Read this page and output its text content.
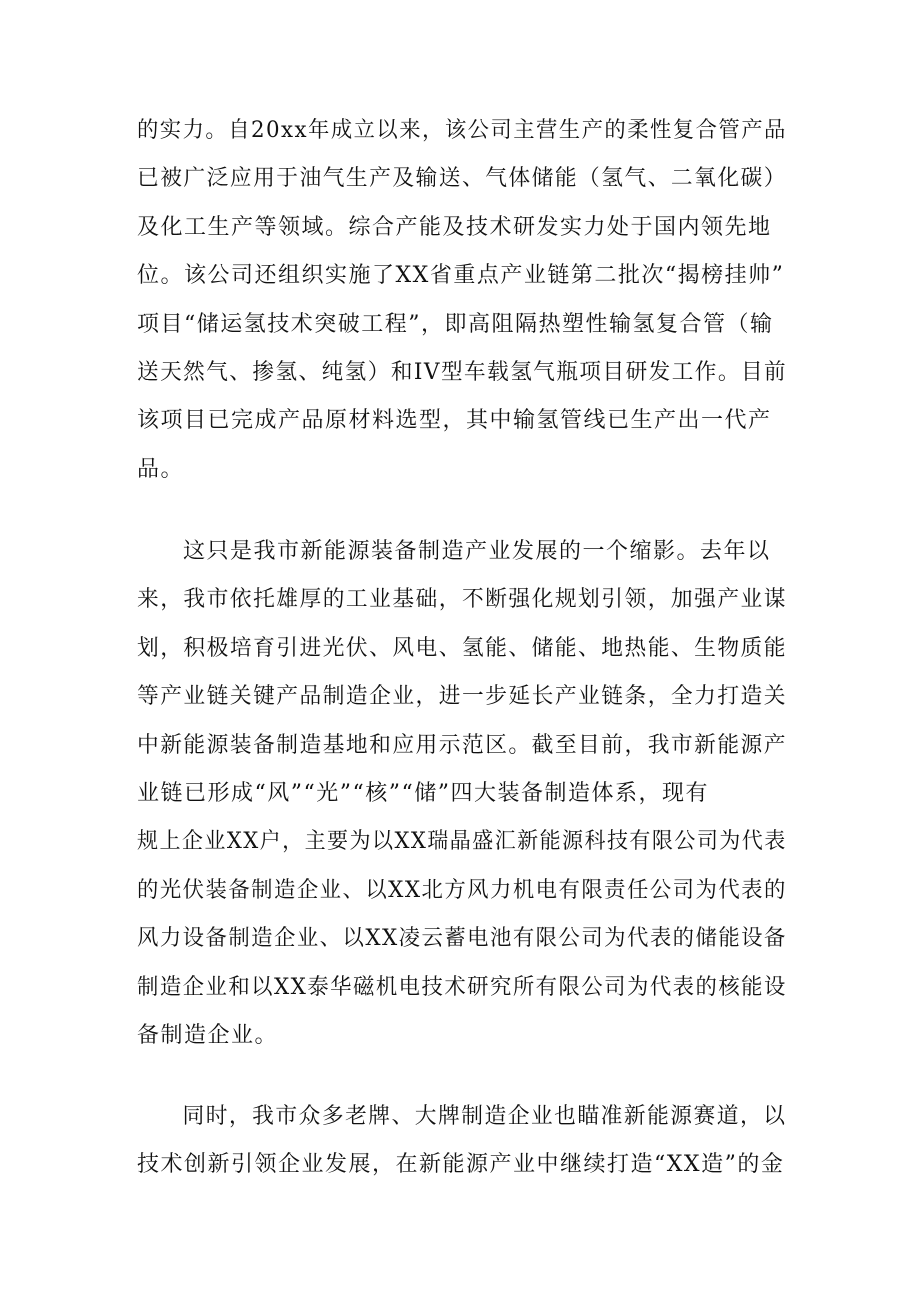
的实力。自20xx年成立以来，该公司主营生产的柔性复合管产品
已被广泛应用于油气生产及输送、气体储能（氢气、二氧化碳）
及化工生产等领域。综合产能及技术研发实力处于国内领先地
位。该公司还组织实施了XX省重点产业链第二批次“揭榜挂帅”
项目“储运氢技术突破工程”，即高阻隔热塑性输氢复合管（输
送天然气、掺氢、纯氢）和IV型车载氢气瓶项目研发工作。目前
该项目已完成产品原材料选型，其中输氢管线已生产出一代产
品。
这只是我市新能源装备制造产业发展的一个缩影。去年以
来，我市依托雄厚的工业基础，不断强化规划引领，加强产业谋
划，积极培育引进光伏、风电、氢能、储能、地热能、生物质能
等产业链关键产品制造企业，进一步延长产业链条，全力打造关
中新能源装备制造基地和应用示范区。截至目前，我市新能源产
业链已形成“风”“光”“核”“储”四大装备制造体系，现有
规上企业XX户，主要为以XX瑞晶盛汇新能源科技有限公司为代表
的光伏装备制造企业、以XX北方风力机电有限责任公司为代表的
风力设备制造企业、以XX凌云蓄电池有限公司为代表的储能设备
制造企业和以XX泰华磁机电技术研究所有限公司为代表的核能设
备制造企业。
同时，我市众多老牌、大牌制造企业也瞄准新能源赛道，以
技术创新引领企业发展，在新能源产业中继续打造“XX造”的金
